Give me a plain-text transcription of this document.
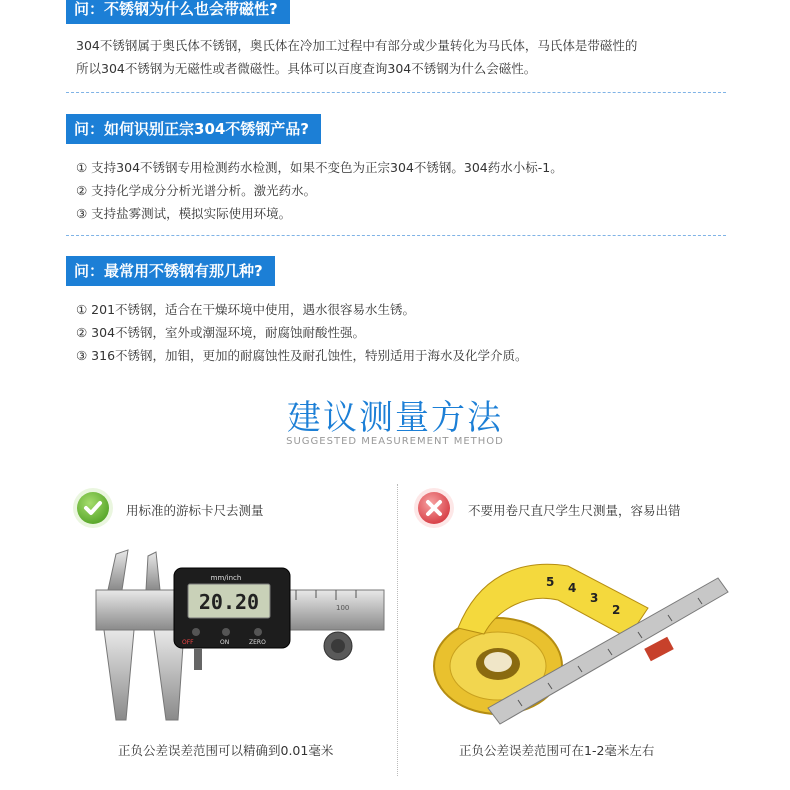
问：不锈钢为什么也会带磁性?
304不锈钢属于奥氏体不锈钢，奥氏体在冷加工过程中有部分或少量转化为马氏体，马氏体是带磁性的
所以304不锈钢为无磁性或者微磁性。具体可以百度查询304不锈钢为什么会磁性。
问：如何识别正宗304不锈钢产品?
① 支持304不锈钢专用检测药水检测，如果不变色为正宗304不锈钢。304药水小标-1。
② 支持化学成分分析光谱分析。激光药水。
③ 支持盐雾测试，模拟实际使用环境。
问：最常用不锈钢有那几种?
① 201不锈钢，适合在干燥环境中使用，遇水很容易水生锈。
② 304不锈钢，室外或潮湿环境，耐腐蚀耐酸性强。
③ 316不锈钢，加钼，更加的耐腐蚀性及耐孔蚀性，特别适用于海水及化学介质。
建议测量方法
SUGGESTED MEASUREMENT METHOD
用标准的游标卡尺去测量
100
20.20
mm/inch
OFF	ON	ZERO
不要用卷尺直尺学生尺测量，容易出错
5 4
3
2
正负公差误差范围可以精确到0.01毫米	正负公差误差范围可在1-2毫米左右
